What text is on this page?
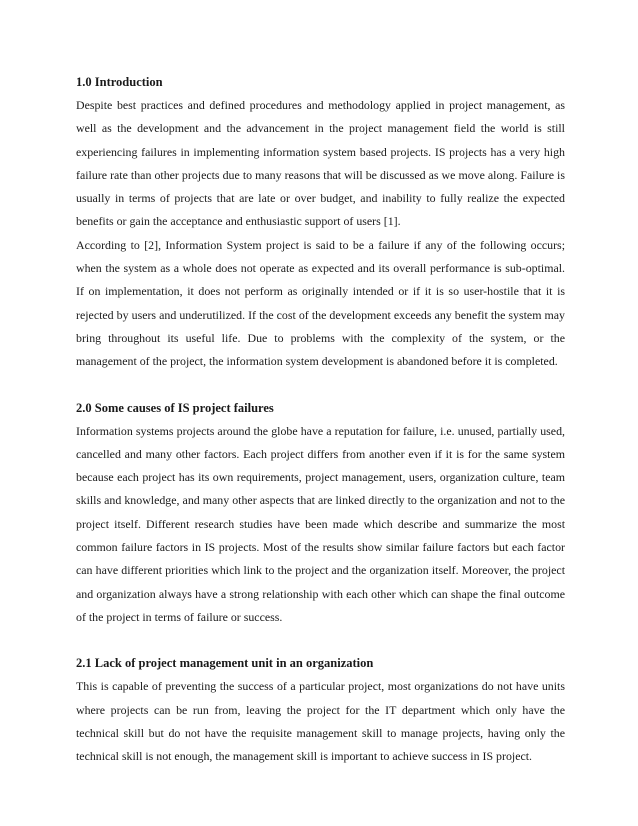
1.0 Introduction

Despite best practices and defined procedures and methodology applied in project management, as well as the development and the advancement in the project management field the world is still experiencing failures in implementing information system based projects. IS projects has a very high failure rate than other projects due to many reasons that will be discussed as we move along. Failure is usually in terms of projects that are late or over budget, and inability to fully realize the expected benefits or gain the acceptance and enthusiastic support of users [1].

According to [2], Information System project is said to be a failure if any of the following occurs; when the system as a whole does not operate as expected and its overall performance is sub-optimal. If on implementation, it does not perform as originally intended or if it is so user-hostile that it is rejected by users and underutilized. If the cost of the development exceeds any benefit the system may bring throughout its useful life. Due to problems with the complexity of the system, or the management of the project, the information system development is abandoned before it is completed.

2.0 Some causes of IS project failures

Information systems projects around the globe have a reputation for failure, i.e. unused, partially used, cancelled and many other factors. Each project differs from another even if it is for the same system because each project has its own requirements, project management, users, organization culture, team skills and knowledge, and many other aspects that are linked directly to the organization and not to the project itself. Different research studies have been made which describe and summarize the most common failure factors in IS projects. Most of the results show similar failure factors but each factor can have different priorities which link to the project and the organization itself. Moreover, the project and organization always have a strong relationship with each other which can shape the final outcome of the project in terms of failure or success.

2.1 Lack of project management unit in an organization

This is capable of preventing the success of a particular project, most organizations do not have units where projects can be run from, leaving the project for the IT department which only have the technical skill but do not have the requisite management skill to manage projects, having only the technical skill is not enough, the management skill is important to achieve success in IS project.
